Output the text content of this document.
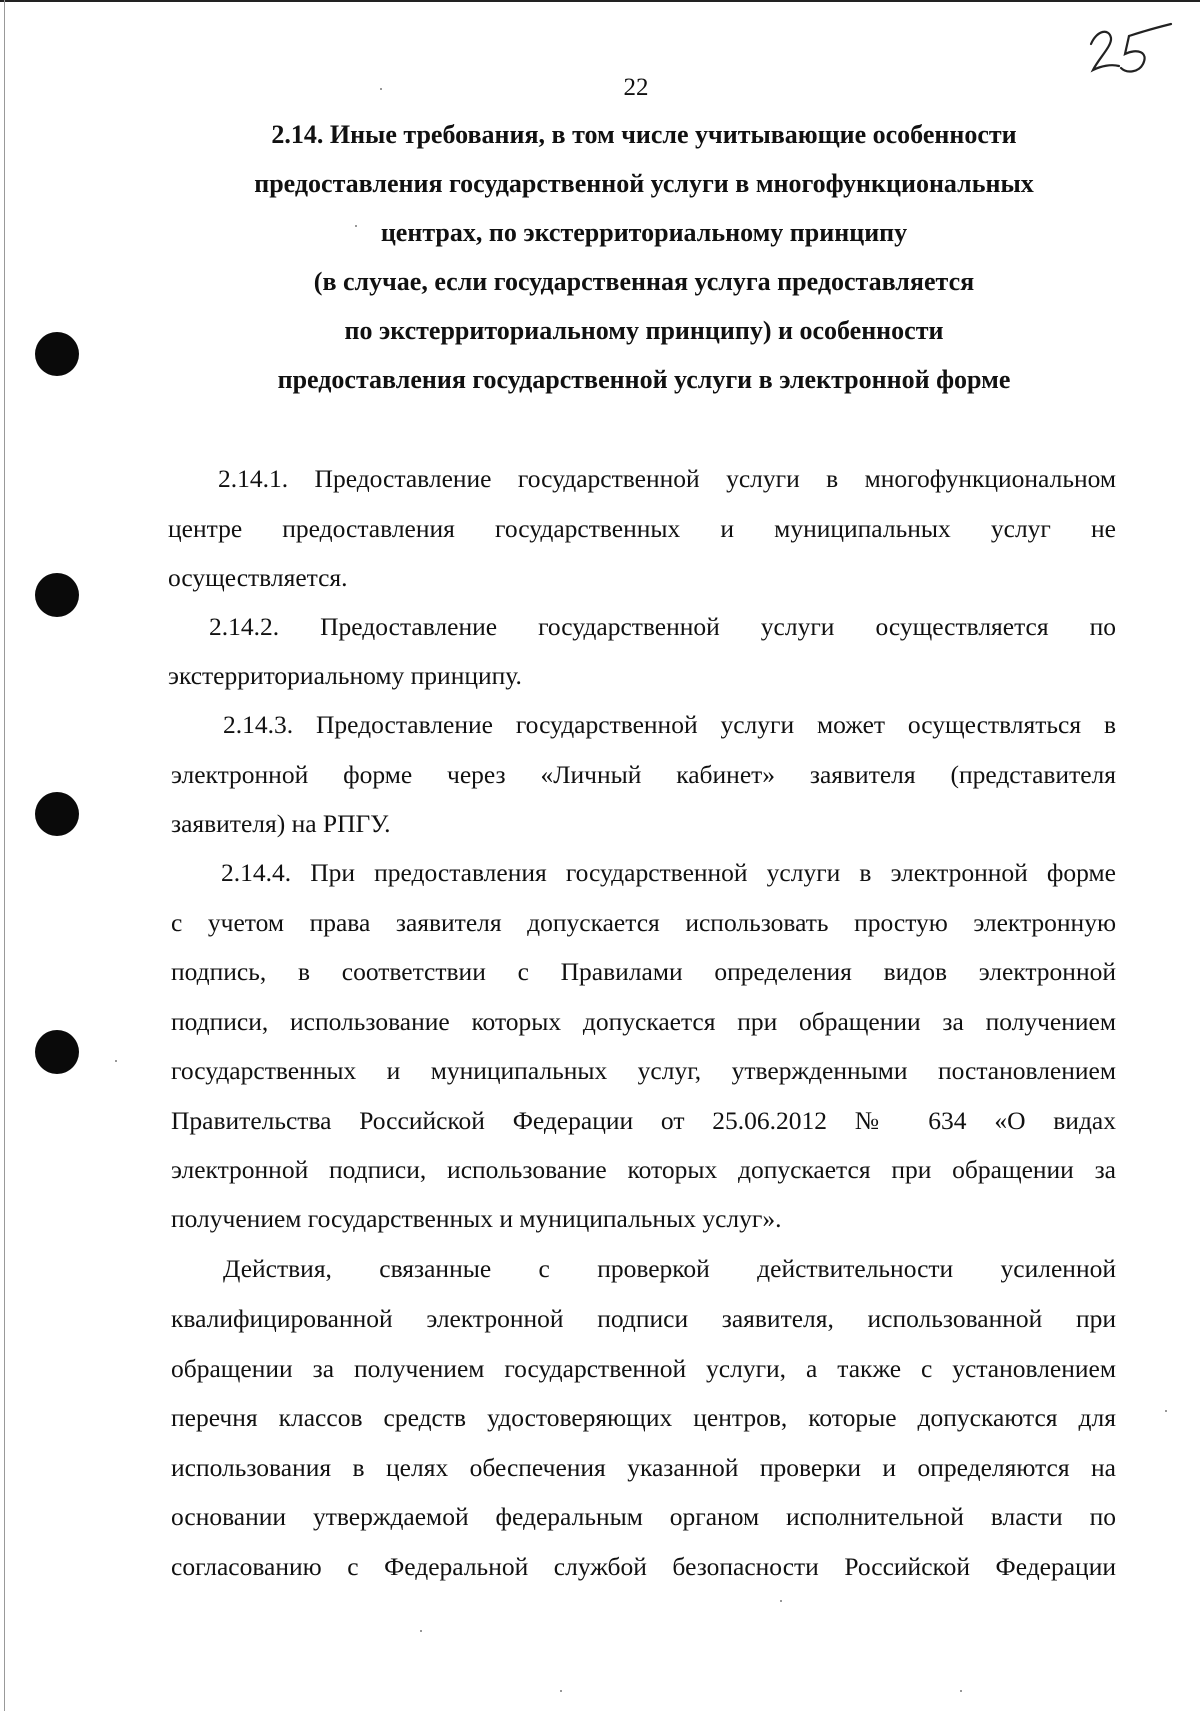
22
2.14. Иные требования, в том числе учитывающие особенности
предоставления государственной услуги в многофункциональных
центрах, по экстерриториальному принципу
(в случае, если государственная услуга предоставляется
по экстерриториальному принципу) и особенности
предоставления государственной услуги в электронной форме
2.14.1. Предоставление государственной услуги в многофункциональном
центре предоставления государственных и муниципальных услуг не
осуществляется.
2.14.2. Предоставление государственной услуги осуществляется по
экстерриториальному принципу.
2.14.3. Предоставление государственной услуги может осуществляться в
электронной форме через «Личный кабинет» заявителя (представителя
заявителя) на РПГУ.
2.14.4. При предоставления государственной услуги в электронной форме
с учетом права заявителя допускается использовать простую электронную
подпись, в соответствии с Правилами определения видов электронной
подписи, использование которых допускается при обращении за получением
государственных и муниципальных услуг, утвержденными постановлением
Правительства Российской Федерации от 25.06.2012 № 634 «О видах
электронной подписи, использование которых допускается при обращении за
получением государственных и муниципальных услуг».
Действия, связанные с проверкой действительности усиленной
квалифицированной электронной подписи заявителя, использованной при
обращении за получением государственной услуги, а также с установлением
перечня классов средств удостоверяющих центров, которые допускаются для
использования в целях обеспечения указанной проверки и определяются на
основании утверждаемой федеральным органом исполнительной власти по
согласованию с Федеральной службой безопасности Российской Федерации
